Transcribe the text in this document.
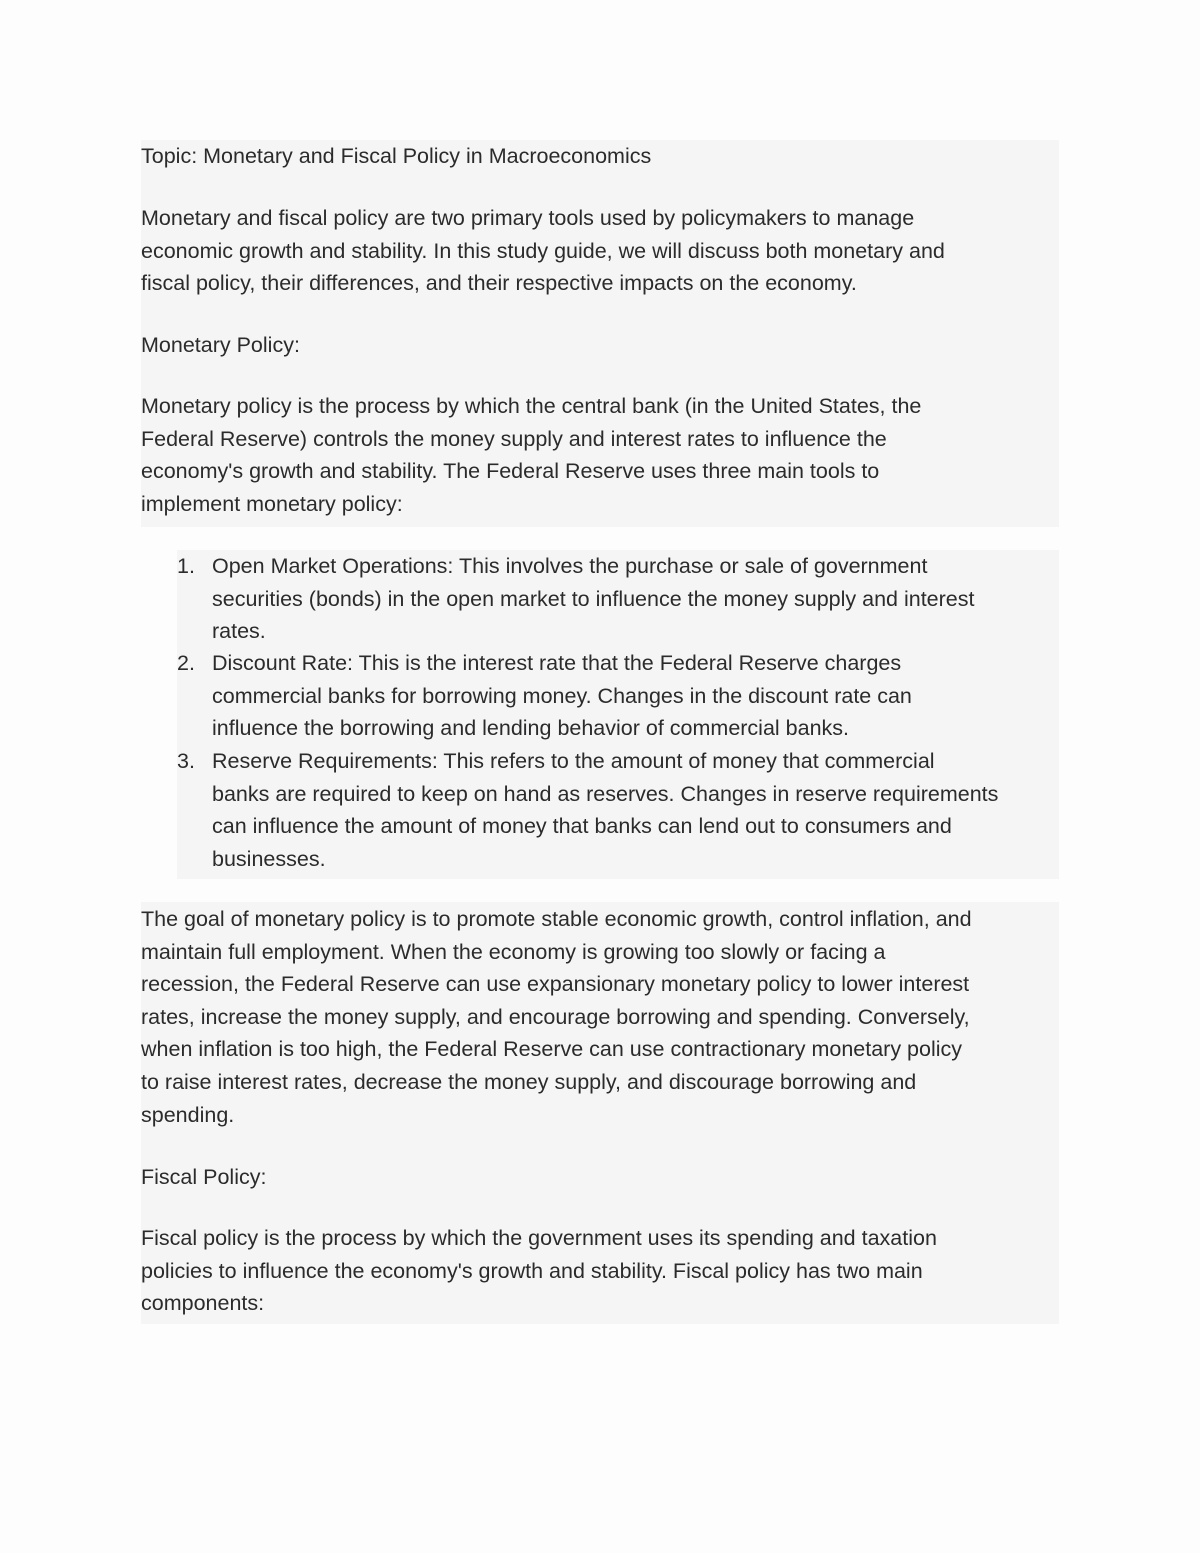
Topic: Monetary and Fiscal Policy in Macroeconomics

Monetary and fiscal policy are two primary tools used by policymakers to manage
economic growth and stability. In this study guide, we will discuss both monetary and
fiscal policy, their differences, and their respective impacts on the economy.

Monetary Policy:

Monetary policy is the process by which the central bank (in the United States, the
Federal Reserve) controls the money supply and interest rates to influence the
economy's growth and stability. The Federal Reserve uses three main tools to
implement monetary policy:

1. Open Market Operations: This involves the purchase or sale of government
securities (bonds) in the open market to influence the money supply and interest
rates.
2. Discount Rate: This is the interest rate that the Federal Reserve charges
commercial banks for borrowing money. Changes in the discount rate can
influence the borrowing and lending behavior of commercial banks.
3. Reserve Requirements: This refers to the amount of money that commercial
banks are required to keep on hand as reserves. Changes in reserve requirements
can influence the amount of money that banks can lend out to consumers and
businesses.

The goal of monetary policy is to promote stable economic growth, control inflation, and
maintain full employment. When the economy is growing too slowly or facing a
recession, the Federal Reserve can use expansionary monetary policy to lower interest
rates, increase the money supply, and encourage borrowing and spending. Conversely,
when inflation is too high, the Federal Reserve can use contractionary monetary policy
to raise interest rates, decrease the money supply, and discourage borrowing and
spending.

Fiscal Policy:

Fiscal policy is the process by which the government uses its spending and taxation
policies to influence the economy's growth and stability. Fiscal policy has two main
components:
